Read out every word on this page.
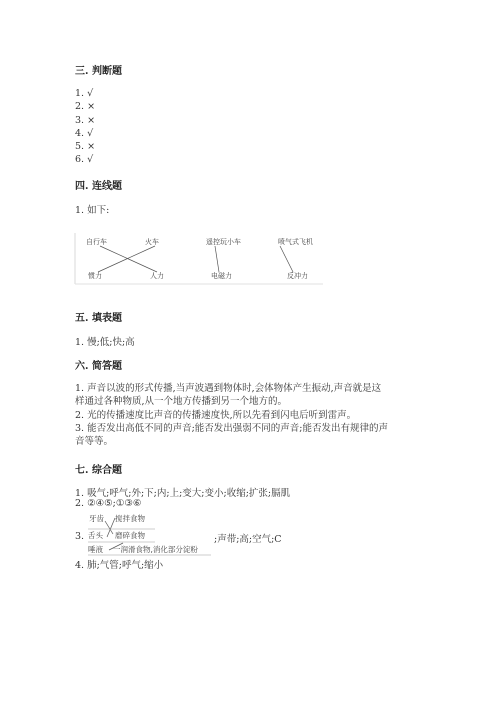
三. 判断题
1. √
2. ×
3. ×
4. √
5. ×
6. √
四. 连线题
1. 如下:
自行车	火车	遥控玩小车	喷气式飞机
惯力	人力	电磁力	反冲力
五. 填表题
1. 慢;低;快;高
六. 简答题
1. 声音以波的形式传播,当声波遇到物体时,会体物体产生振动,声音就是这
样通过各种物质,从一个地方传播到另一个地方的。
2. 光的传播速度比声音的传播速度快,所以先看到闪电后听到雷声。
3. 能否发出高低不同的声音;能否发出强弱不同的声音;能否发出有规律的声
音等等。
七. 综合题
1. 吸气;呼气;外;下;内;上;变大;变小;收缩;扩张;膈肌
2. ②④⑤;①③⑥
3.
牙齿
舌头
唾液
搅拌食物
磨碎食物
一润滑食物,消化部分淀粉
;声带;高;空气;C
4. 肺;气管;呼气;缩小
